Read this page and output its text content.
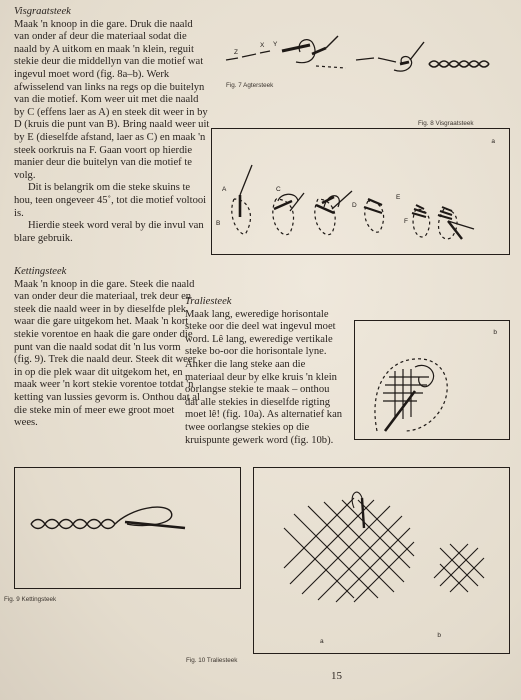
Visgraatsteek

Maak 'n knoop in die gare. Druk die naald van onder af deur die materiaal sodat die naald by A uitkom en maak 'n klein, reguit stekie deur die middellyn van die motief wat ingevul moet word (fig. 8a–b). Werk afwisselend van links na regs op die buitelyn van die motief. Kom weer uit met die naald by C (effens laer as A) en steek dit weer in by D (kruis die punt van B). Bring naald weer uit by E (dieselfde afstand, laer as C) en maak 'n steek oorkruis na F. Gaan voort op hierdie manier deur die buitelyn van die motief te volg.

Dit is belangrik om die steke skuins te hou, teen ongeveer 45˚, tot die motief voltooi is.

Hierdie steek word veral by die invul van blare gebruik.

Z
X Y
Fig. 7 Agtersteek
Fig. 8 Visgraatsteek
a
A
B
C
D
E
F

Kettingsteek

Maak 'n knoop in die gare. Steek die naald van onder deur die materiaal, trek deur en steek die naald weer in by dieselfde plek waar die gare uitgekom het. Maak 'n kort stekie vorentoe en haak die gare onder die punt van die naald sodat dit 'n lus vorm (fig. 9). Trek die naald deur. Steek dit weer in op die plek waar dit uitgekom het, en maak weer 'n kort stekie vorentoe totdat 'n ketting van lussies gevorm is. Onthou dat al die steke min of meer ewe groot moet wees.

Traliesteek

Maak lang, eweredige horisontale steke oor die deel wat ingevul moet word. Lê lang, eweredige vertikale steke bo-oor die horisontale lyne. Anker die lang steke aan die materiaal deur by elke kruis 'n klein oorlangse stekie te maak – onthou dat alle stekies in dieselfde rigting moet lê! (fig. 10a). As alternatief kan twee oorlangse stekies op die kruispunte gewerk word (fig. 10b).

b
Fig. 9 Kettingsteek
a
b
Fig. 10 Traliesteek
15
